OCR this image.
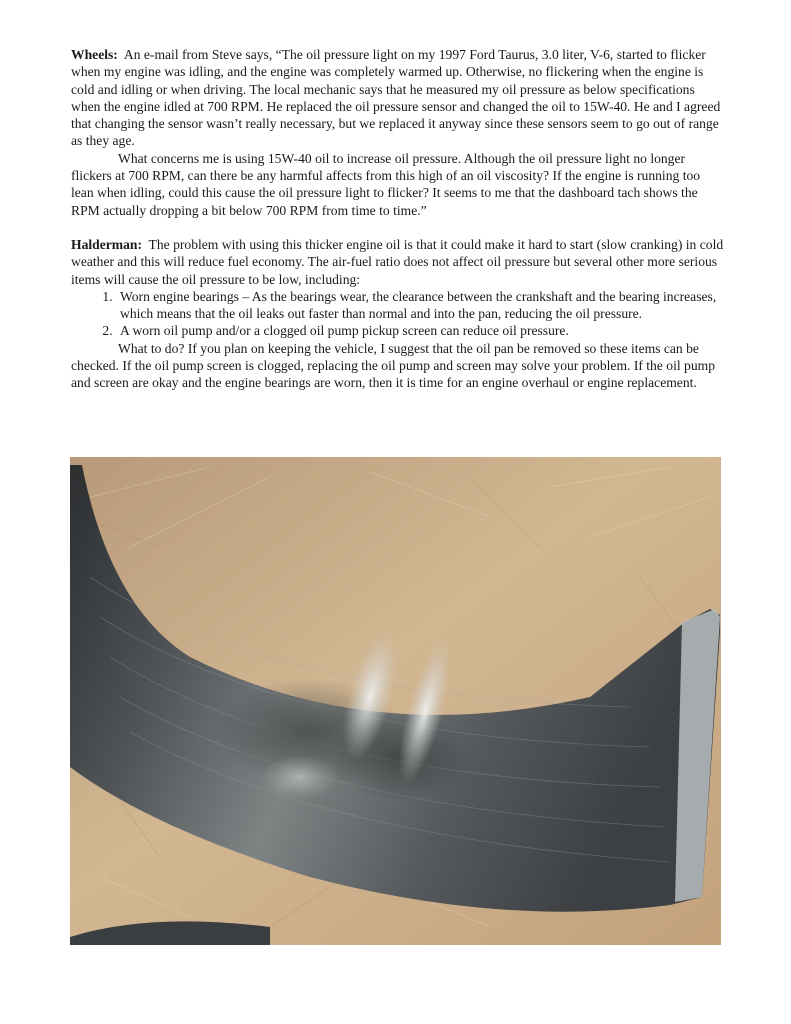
Wheels: An e-mail from Steve says, “The oil pressure light on my 1997 Ford Taurus, 3.0 liter, V-6, started to flicker when my engine was idling, and the engine was completely warmed up. Otherwise, no flickering when the engine is cold and idling or when driving. The local mechanic says that he measured my oil pressure as below specifications when the engine idled at 700 RPM. He replaced the oil pressure sensor and changed the oil to 15W-40. He and I agreed that changing the sensor wasn’t really necessary, but we replaced it anyway since these sensors seem to go out of range as they age.

What concerns me is using 15W-40 oil to increase oil pressure. Although the oil pressure light no longer flickers at 700 RPM, can there be any harmful affects from this high of an oil viscosity? If the engine is running too lean when idling, could this cause the oil pressure light to flicker? It seems to me that the dashboard tach shows the RPM actually dropping a bit below 700 RPM from time to time.”

Halderman: The problem with using this thicker engine oil is that it could make it hard to start (slow cranking) in cold weather and this will reduce fuel economy. The air-fuel ratio does not affect oil pressure but several other more serious items will cause the oil pressure to be low, including:

1. Worn engine bearings – As the bearings wear, the clearance between the crankshaft and the bearing increases, which means that the oil leaks out faster than normal and into the pan, reducing the oil pressure.
2. A worn oil pump and/or a clogged oil pump pickup screen can reduce oil pressure.

What to do? If you plan on keeping the vehicle, I suggest that the oil pan be removed so these items can be checked. If the oil pump screen is clogged, replacing the oil pump and screen may solve your problem. If the oil pump and screen are okay and the engine bearings are worn, then it is time for an engine overhaul or engine replacement.
